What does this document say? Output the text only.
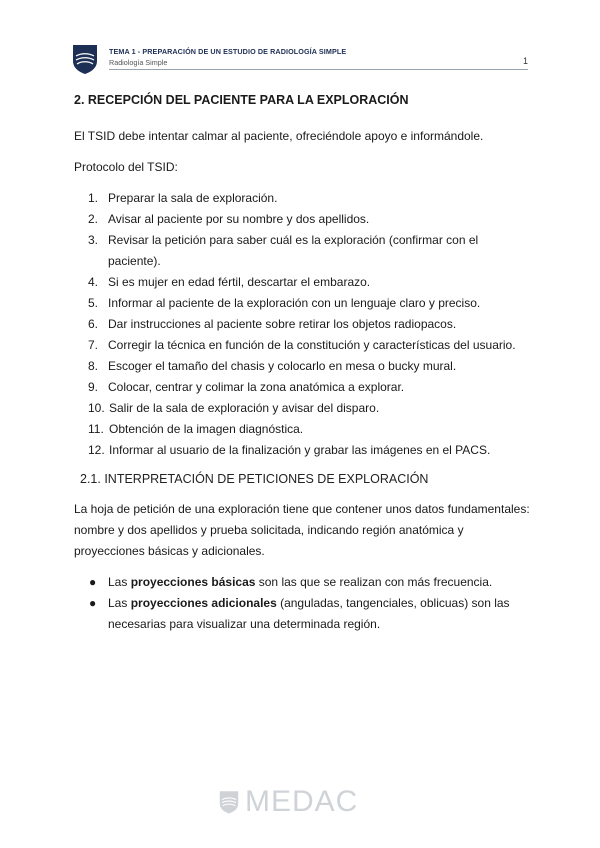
TEMA 1 - PREPARACIÓN DE UN ESTUDIO DE RADIOLOGÍA SIMPLE
Radiología Simple	1
2. RECEPCIÓN DEL PACIENTE PARA LA EXPLORACIÓN

El TSID debe intentar calmar al paciente, ofreciéndole apoyo e informándole.

Protocolo del TSID:

1. Preparar la sala de exploración.
2. Avisar al paciente por su nombre y dos apellidos.
3. Revisar la petición para saber cuál es la exploración (confirmar con el paciente).
4. Si es mujer en edad fértil, descartar el embarazo.
5. Informar al paciente de la exploración con un lenguaje claro y preciso.
6. Dar instrucciones al paciente sobre retirar los objetos radiopacos.
7. Corregir la técnica en función de la constitución y características del usuario.
8. Escoger el tamaño del chasis y colocarlo en mesa o bucky mural.
9. Colocar, centrar y colimar la zona anatómica a explorar.
10. Salir de la sala de exploración y avisar del disparo.
11. Obtención de la imagen diagnóstica.
12. Informar al usuario de la finalización y grabar las imágenes en el PACS.
2.1. INTERPRETACIÓN DE PETICIONES DE EXPLORACIÓN

La hoja de petición de una exploración tiene que contener unos datos fundamentales: nombre y dos apellidos y prueba solicitada, indicando región anatómica y proyecciones básicas y adicionales.

● Las proyecciones básicas son las que se realizan con más frecuencia.
● Las proyecciones adicionales (anguladas, tangenciales, oblicuas) son las necesarias para visualizar una determinada región.
MEDAC
